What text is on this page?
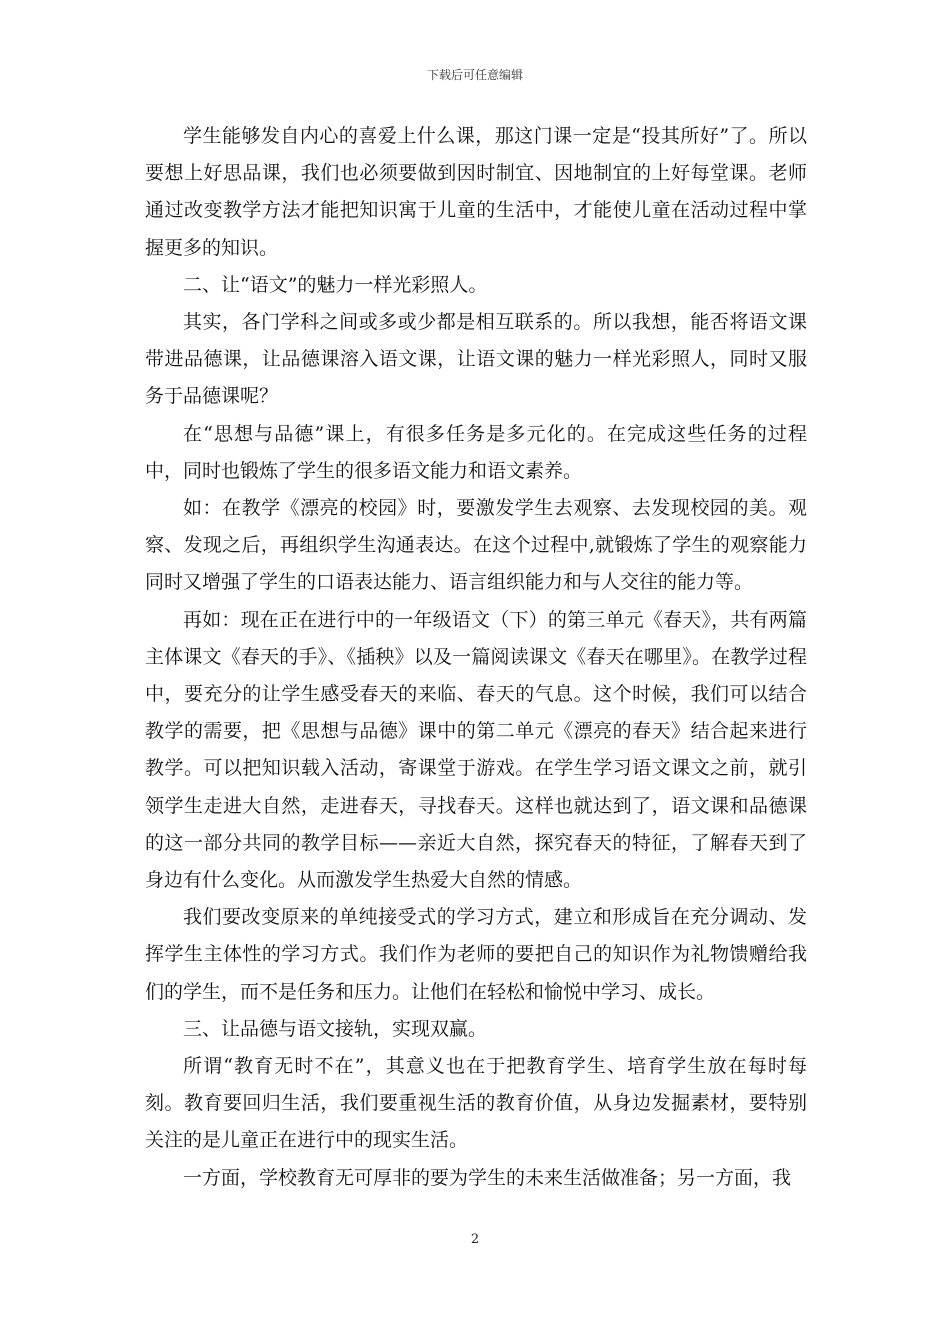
下载后可任意编辑

学生能够发自内心的喜爱上什么课，那这门课一定是“投其所好”了。所以要想上好思品课，我们也必须要做到因时制宜、因地制宜的上好每堂课。老师通过改变教学方法才能把知识寓于儿童的生活中，才能使儿童在活动过程中掌握更多的知识。

二、让“语文”的魅力一样光彩照人。

其实，各门学科之间或多或少都是相互联系的。所以我想，能否将语文课带进品德课，让品德课溶入语文课，让语文课的魅力一样光彩照人，同时又服务于品德课呢？

在“思想与品德”课上，有很多任务是多元化的。在完成这些任务的过程中，同时也锻炼了学生的很多语文能力和语文素养。

如：在教学《漂亮的校园》时，要激发学生去观察、去发现校园的美。观察、发现之后，再组织学生沟通表达。在这个过程中,就锻炼了学生的观察能力同时又增强了学生的口语表达能力、语言组织能力和与人交往的能力等。

再如：现在正在进行中的一年级语文（下）的第三单元《春天》，共有两篇主体课文《春天的手》、《插秧》以及一篇阅读课文《春天在哪里》。在教学过程中，要充分的让学生感受春天的来临、春天的气息。这个时候，我们可以结合教学的需要，把《思想与品德》课中的第二单元《漂亮的春天》结合起来进行教学。可以把知识载入活动，寄课堂于游戏。在学生学习语文课文之前，就引领学生走进大自然，走进春天，寻找春天。这样也就达到了，语文课和品德课的这一部分共同的教学目标——亲近大自然，探究春天的特征，了解春天到了身边有什么变化。从而激发学生热爱大自然的情感。

我们要改变原来的单纯接受式的学习方式，建立和形成旨在充分调动、发挥学生主体性的学习方式。我们作为老师的要把自己的知识作为礼物馈赠给我们的学生，而不是任务和压力。让他们在轻松和愉悦中学习、成长。

三、让品德与语文接轨，实现双赢。

所谓“教育无时不在”，其意义也在于把教育学生、培育学生放在每时每刻。教育要回归生活，我们要重视生活的教育价值，从身边发掘素材，要特别关注的是儿童正在进行中的现实生活。

一方面，学校教育无可厚非的要为学生的未来生活做准备；另一方面，我

2
